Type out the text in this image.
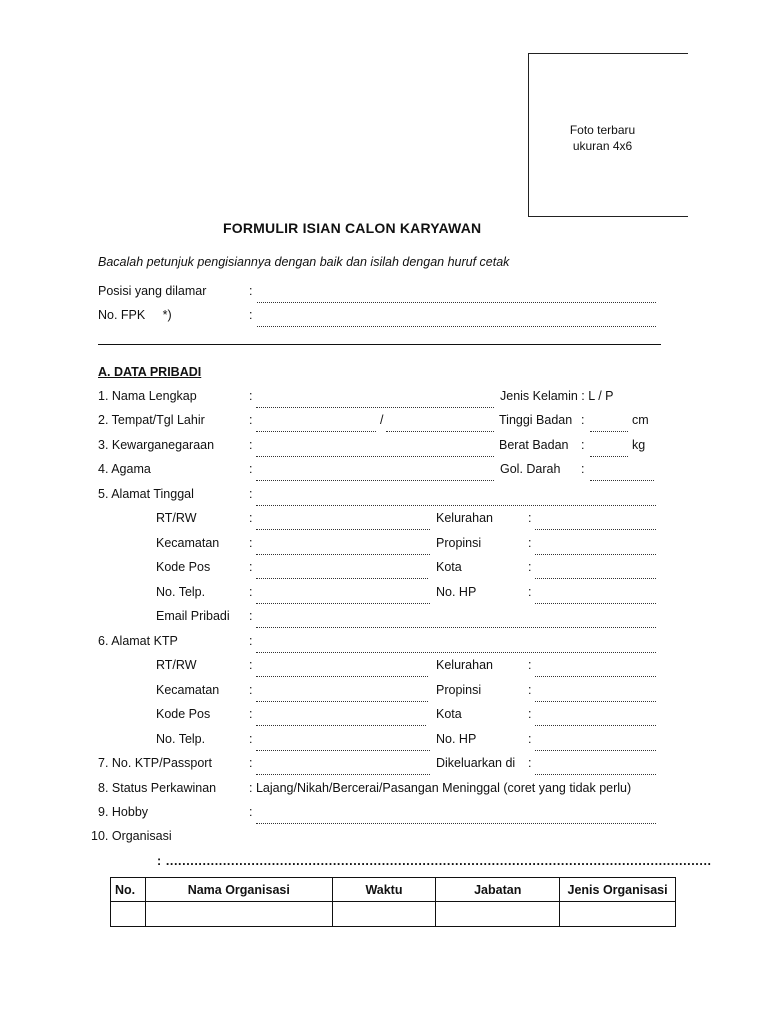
Foto terbaru
ukuran 4x6
FORMULIR ISIAN CALON KARYAWAN
Bacalah petunjuk pengisiannya dengan baik dan isilah dengan huruf cetak
Posisi yang dilamar	:
No. FPK     *)	:
A. DATA PRIBADI
1. Nama Lengkap	:	Jenis Kelamin : L / P
2. Tempat/Tgl Lahir	:	/	Tinggi Badan :	cm
3. Kewarganegaraan	:	Berat Badan :	kg
4. Agama	:	Gol. Darah :
5. Alamat Tinggal	:
RT/RW	:	Kelurahan	:
Kecamatan :	Propinsi	:
Kode Pos	:	Kota	:
No. Telp.	:	No. HP	:
Email Pribadi :
6. Alamat KTP	:
RT/RW	:	Kelurahan	:
Kecamatan :	Propinsi	:
Kode Pos	:	Kota	:
No. Telp.	:	No. HP	:
7. No. KTP/Passport	:	Dikeluarkan di :
8. Status Perkawinan	: Lajang/Nikah/Bercerai/Pasangan Meninggal (coret yang tidak perlu)
9. Hobby	:
10. Organisasi
: ......................................................................................................................................
No.	Nama Organisasi	Waktu	Jabatan	Jenis Organisasi
